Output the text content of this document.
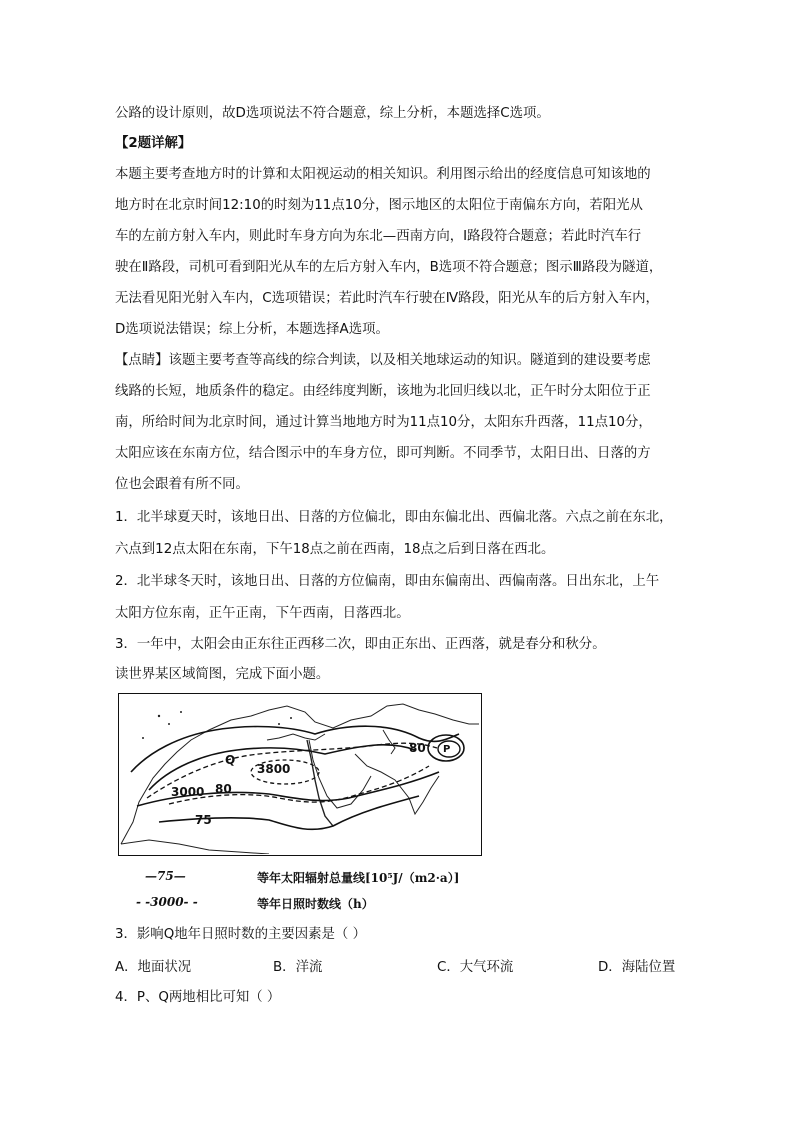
公路的设计原则，故D选项说法不符合题意，综上分析，本题选择C选项。
【2题详解】
本题主要考查地方时的计算和太阳视运动的相关知识。利用图示给出的经度信息可知该地的
地方时在北京时间12:10的时刻为11点10分，图示地区的太阳位于南偏东方向，若阳光从
车的左前方射入车内，则此时车身方向为东北—西南方向，Ⅰ路段符合题意；若此时汽车行
驶在Ⅱ路段，司机可看到阳光从车的左后方射入车内，B选项不符合题意；图示Ⅲ路段为隧道，
无法看见阳光射入车内，C选项错误；若此时汽车行驶在Ⅳ路段，阳光从车的后方射入车内，
D选项说法错误；综上分析，本题选择A选项。
【点睛】该题主要考查等高线的综合判读，以及相关地球运动的知识。隧道到的建设要考虑
线路的长短，地质条件的稳定。由经纬度判断，该地为北回归线以北，正午时分太阳位于正
南，所给时间为北京时间，通过计算当地地方时为11点10分，太阳东升西落，11点10分，
太阳应该在东南方位，结合图示中的车身方位，即可判断。不同季节，太阳日出、日落的方
位也会跟着有所不同。
1．北半球夏天时，该地日出、日落的方位偏北，即由东偏北出、西偏北落。六点之前在东北，
六点到12点太阳在东南，下午18点之前在西南，18点之后到日落在西北。
2．北半球冬天时，该地日出、日落的方位偏南，即由东偏南出、西偏南落。日出东北，上午
太阳方位东南，正午正南，下午西南，日落西北。
3．一年中，太阳会由正东往正西移二次，即由正东出、正西落，就是春分和秋分。
读世界某区域简图，完成下面小题。
Q
P
3800
3000 80
80
75
—75—	等年太阳辐射总量线[10⁵J/（m2·a）]
- -3000- -	等年日照时数线（h）
3．影响Q地年日照时数的主要因素是（ ）
A．地面状况	B．洋流	C．大气环流	D．海陆位置
4．P、Q两地相比可知（ ）
